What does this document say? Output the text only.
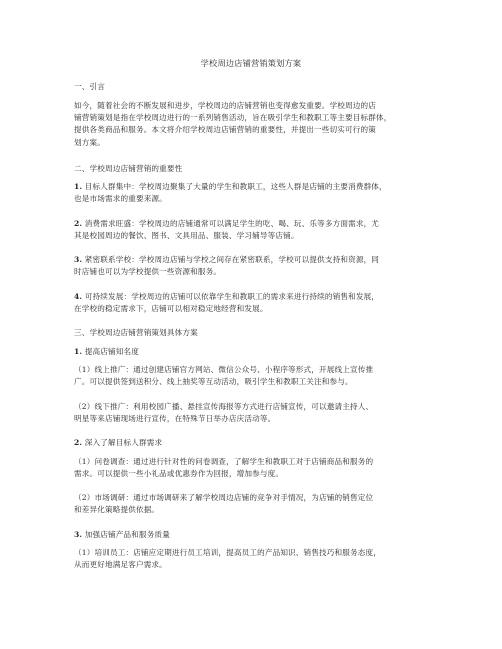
学校周边店铺营销策划方案
一、引言
如今，随着社会的不断发展和进步，学校周边的店铺营销也变得愈发重要。学校周边的店
铺营销策划是指在学校周边进行的一系列销售活动，旨在吸引学生和教职工等主要目标群体，
提供各类商品和服务。本文将介绍学校周边店铺营销的重要性，并提出一些切实可行的策
划方案。
二、学校周边店铺营销的重要性
1. 目标人群集中：学校周边聚集了大量的学生和教职工，这些人群是店铺的主要消费群体，
也是市场需求的重要来源。
2. 消费需求旺盛：学校周边的店铺通常可以满足学生的吃、喝、玩、乐等多方面需求，尤
其是校园周边的餐饮、图书、文具用品、服装、学习辅导等店铺。
3. 紧密联系学校：学校周边店铺与学校之间存在紧密联系，学校可以提供支持和资源，同
时店铺也可以为学校提供一些资源和服务。
4. 可持续发展：学校周边的店铺可以依靠学生和教职工的需求来进行持续的销售和发展，
在学校的稳定需求下，店铺可以相对稳定地经营和发展。
三、学校周边店铺营销策划具体方案
1. 提高店铺知名度
（1）线上推广：通过创建店铺官方网站、微信公众号、小程序等形式，开展线上宣传推
广。可以提供签到送积分、线上抽奖等互动活动，吸引学生和教职工关注和参与。
（2）线下推广：利用校园广播、悬挂宣传海报等方式进行店铺宣传，可以邀请主持人、
明星等来店铺现场进行宣传，在特殊节日举办店庆活动等。
2. 深入了解目标人群需求
（1）问卷调查：通过进行针对性的问卷调查，了解学生和教职工对于店铺商品和服务的
需求。可以提供一些小礼品或优惠券作为回报，增加参与度。
（2）市场调研：通过市场调研来了解学校周边店铺的竞争对手情况，为店铺的销售定位
和差异化策略提供依据。
3. 加强店铺产品和服务质量
（1）培训员工：店铺应定期进行员工培训，提高员工的产品知识、销售技巧和服务态度，
从而更好地满足客户需求。
